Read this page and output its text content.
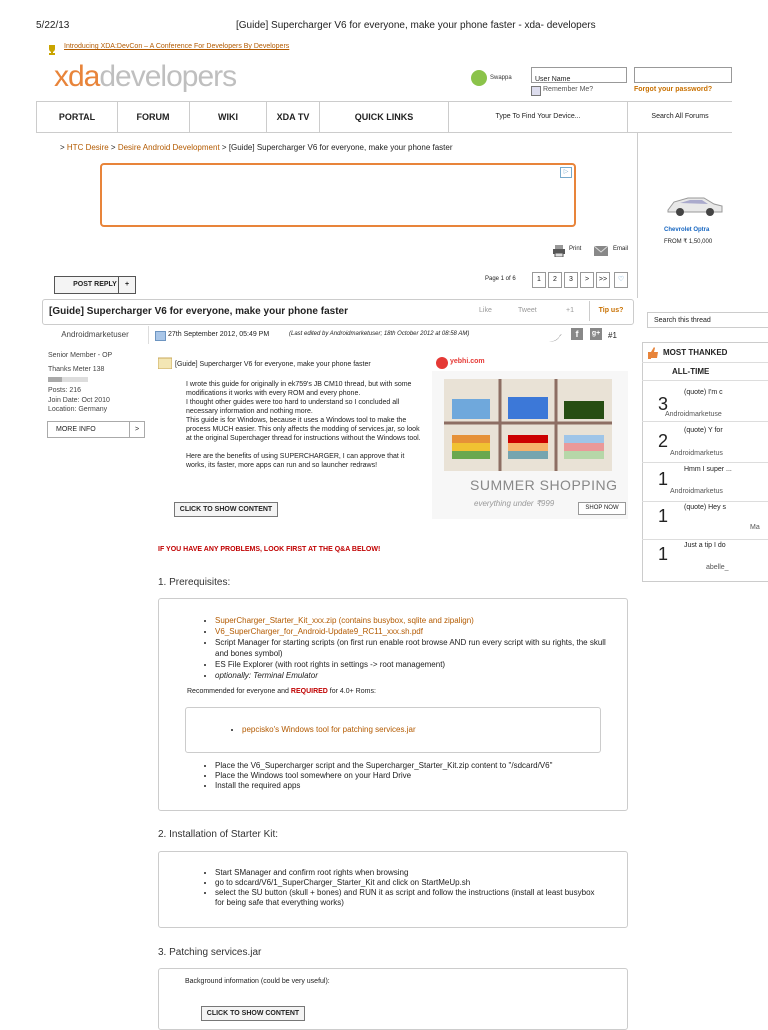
5/22/13	[Guide] Supercharger V6 for everyone, make your phone faster - xda- developers
Introducing XDA:DevCon – A Conference For Developers By Developers
xdadevelopers	Swappa	User Name
Remember Me?	Forgot your password?
PORTAL	FORUM	WIKI	XDA TV	QUICK LINKS	Type To Find Your Device...	Search All Forums
> HTC Desire > Desire Android Development > [Guide] Supercharger V6 for everyone, make your phone faster
▷
Chevrolet Optra
FROM ₹ 1,50,000
Print	Email
POST REPLY	+
Page 1 of 6	1	2	3	>	>>	♡
[Guide] Supercharger V6 for everyone, make your phone faster	Like	Tweet	+1	Tip us?
Androidmarketuser	27th September 2012, 05:49 PM	(Last edited by Androidmarketuser; 18th October 2012 at 08:58 AM)	f	g+ #1
Senior Member - OP
Thanks Meter 138
Posts: 216
Join Date: Oct 2010
Location: Germany
MORE INFO	>
[Guide] Supercharger V6 for everyone, make your phone faster
I wrote this guide for originally in ek759's JB CM10 thread, but with some modifications it works with every ROM and every phone.
I thought other guides were too hard to understand so I concluded all necessary information and nothing more.
This guide is for Windows, because it uses a Windows tool to make the process MUCH easier. This only affects the modding of services.jar, so look at the original Superchager thread for instructions without the Windows tool.
Here are the benefits of using SUPERCHARGER, I can approve that it works, its faster, more apps can run and so launcher redraws!
CLICK TO SHOW CONTENT
yebhi.com
SUMMER SHOPPING
everything under ₹999	SHOP NOW
IF YOU HAVE ANY PROBLEMS, LOOK FIRST AT THE Q&A BELOW!
1. Prerequisites:
• SuperCharger_Starter_Kit_xxx.zip (contains busybox, sqlite and zipalign)
• V6_SuperCharger_for_Android-Update9_RC11_xxx.sh.pdf
• Script Manager for starting scripts (on first run enable root browse AND run every script with su rights, the skull and bones symbol)
• ES File Explorer (with root rights in settings -> root management)
• optionally: Terminal Emulator
Recommended for everyone and REQUIRED for 4.0+ Roms:
• pepcisko's Windows tool for patching services.jar
• Place the V6_Supercharger script and the Supercharger_Starter_Kit.zip content to "/sdcard/V6"
• Place the Windows tool somewhere on your Hard Drive
• Install the required apps
2. Installation of Starter Kit:
• Start SManager and confirm root rights when browsing
• go to sdcard/V6/1_SuperCharger_Starter_Kit and click on StartMeUp.sh
• select the SU button (skull + bones) and RUN it as script and follow the instructions (install at least busybox for being safe that everything works)
3. Patching services.jar
Background information (could be very useful):
CLICK TO SHOW CONTENT
Search this thread
MOST THANKED
ALL-TIME
3
(quote) I'm c
Androidmarketuse
2
(quote) Y for
Androidmarketus
1 Hmm I super ...
Androidmarketus
1 (quote) Hey s
Ma
1 Just a tip I do
abelle_
